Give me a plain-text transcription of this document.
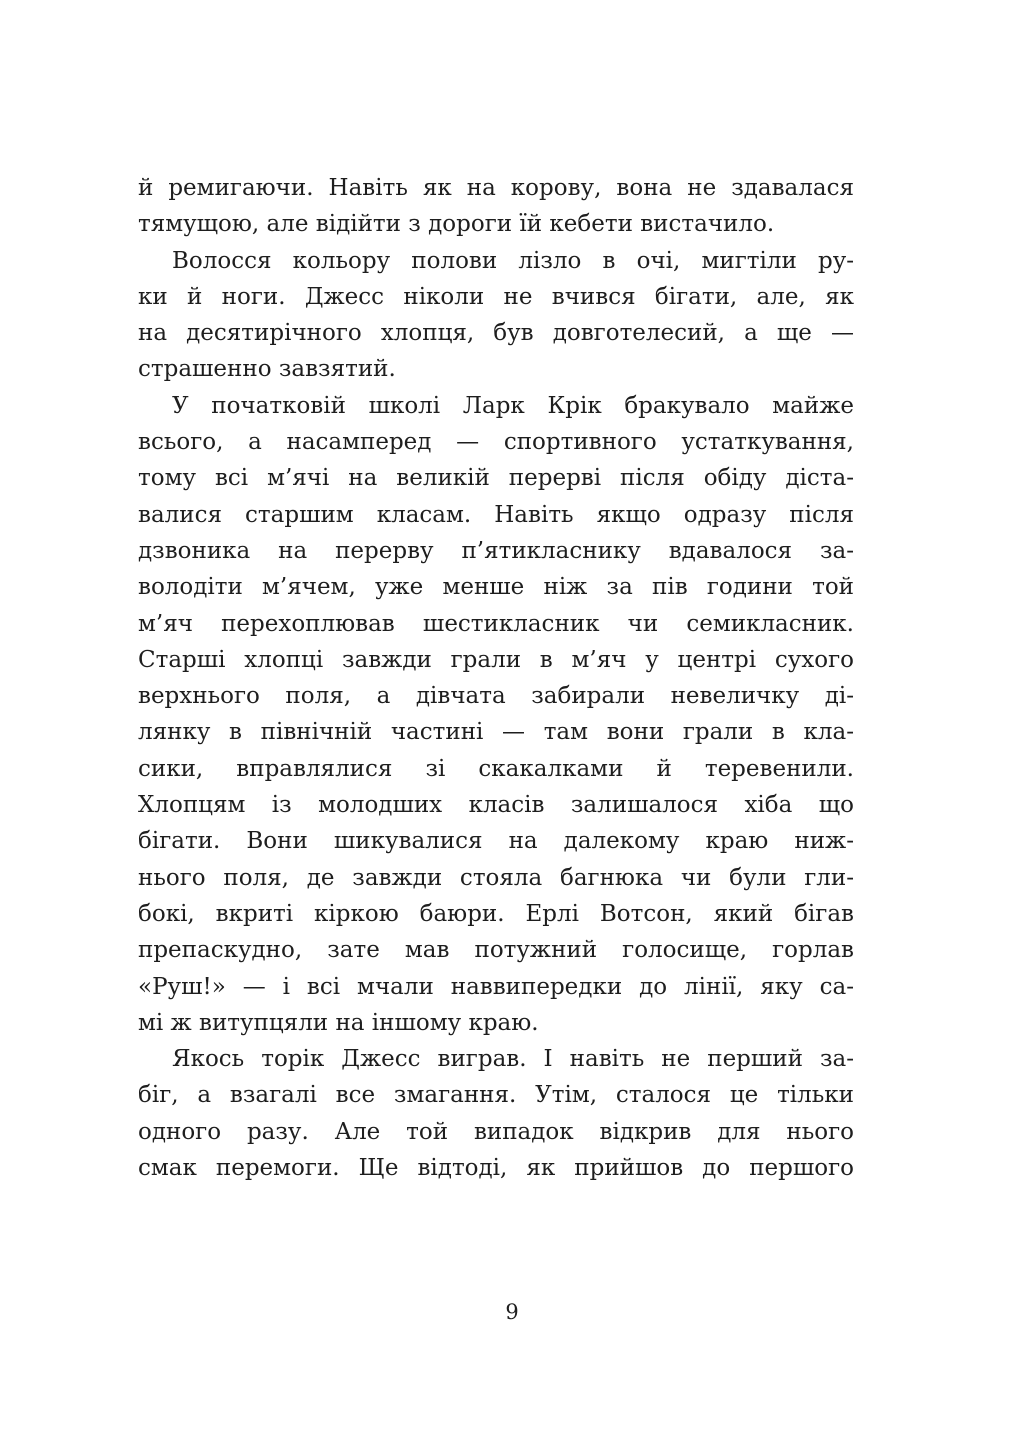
й ремигаючи. Навіть як на корову, вона не здавалася
тямущою, але відійти з дороги їй кебети вистачило.
Волосся кольору полови лізло в очі, мигтіли ру-
ки й ноги. Джесс ніколи не вчився бігати, але, як
на десятирічного хлопця, був довготелесий, а ще —
страшенно завзятий.
У початковій школі Ларк Крік бракувало майже
всього, а насамперед — спортивного устаткування,
тому всі м’ячі на великій перерві після обіду діста-
валися старшим класам. Навіть якщо одразу після
дзвоника на перерву п’ятикласнику вдавалося за-
володіти м’ячем, уже менше ніж за пів години той
м’яч перехоплював шестикласник чи семикласник.
Старші хлопці завжди грали в м’яч у центрі сухого
верхнього поля, а дівчата забирали невеличку ді-
лянку в північній частині — там вони грали в кла-
сики, вправлялися зі скакалками й теревенили.
Хлопцям із молодших класів залишалося хіба що
бігати. Вони шикувалися на далекому краю ниж-
нього поля, де завжди стояла багнюка чи були гли-
бокі, вкриті кіркою баюри. Ерлі Вотсон, який бігав
препаскудно, зате мав потужний голосище, горлав
«Руш!» — і всі мчали наввипередки до лінії, яку са-
мі ж витупцяли на іншому краю.
Якось торік Джесс виграв. І навіть не перший за-
біг, а взагалі все змагання. Утім, сталося це тільки
одного разу. Але той випадок відкрив для нього
смак перемоги. Ще відтоді, як прийшов до першого
9
